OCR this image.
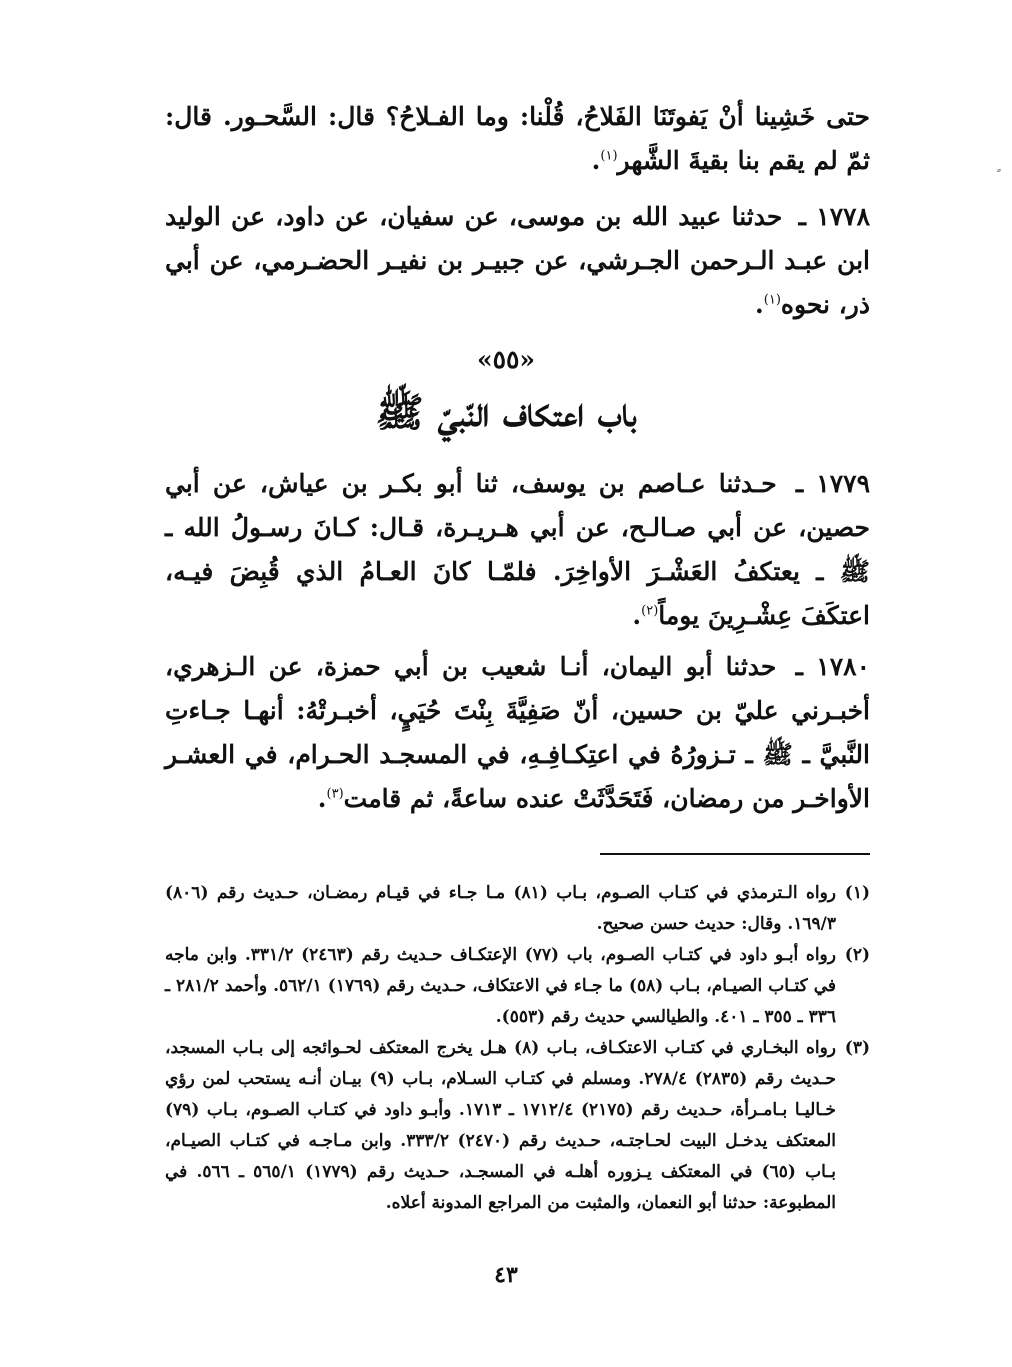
حتى خَشِينا أنْ يَفوتَنَا الفَلاحُ، قُلْنا: وما الفـلاحُ؟ قال: السَّحـور. قال: ثمّ لم يقم بنا بقيةَ الشَّهر$^{(١)}$.
١٧٧٨ ـ حدثنا عبيد الله بن موسى، عن سفيان، عن داود، عن الوليد ابن عبـد الـرحمن الجـرشي، عن جبيـر بن نفيـر الحضـرمي، عن أبي ذر، نحوه$^{(١)}$.
«٥٥»
باب اعتكاف النّبيّ ﷺ
١٧٧٩ ـ حـدثنا عـاصم بن يوسف، ثنا أبو بكـر بن عياش، عن أبي حصين، عن أبي صـالـح، عن أبي هـريـرة، قـال: كـانَ رسـولُ الله ـ ﷺ ـ يعتكفُ العَشْـرَ الأواخِرَ. فلمّـا كانَ العـامُ الذي قُبِضَ فيـه، اعتكَفَ عِشْـرِينَ يوماً$^{(٢)}$.
١٧٨٠ ـ حدثنا أبو اليمان، أنـا شعيب بن أبي حمزة، عن الـزهري، أخبـرني عليّ بن حسين، أنّ صَفِيَّةَ بِنْتَ حُيَيٍ، أخبـرتْهُ: أنهـا جـاءتِ النَّبيَّ ـ ﷺ ـ تـزورُهُ في اعتِكـافِـهِ، في المسجـد الحـرام، في العشـر الأواخـر من رمضان، فَتَحَدَّثَتْ عنده ساعةً، ثم قامت$^{(٣)}$.
(١)
رواه الـترمذي في كتـاب الصـوم، بـاب (٨١) مـا جـاء في قيـام رمضـان، حـديث رقم (٨٠٦) ١٦٩/٣. وقال: حديث حسن صحيح.
(٢)
رواه أبـو داود في كتـاب الصـوم، باب (٧٧) الإعتكـاف حـديث رقم (٢٤٦٣) ٣٣١/٢. وابن ماجه في كتـاب الصيـام، بـاب (٥٨) ما جـاء في الاعتكاف، حـديث رقم (١٧٦٩) ٥٦٢/١. وأحمد ٢٨١/٢ ـ ٣٣٦ ـ ٣٥٥ ـ ٤٠١. والطيالسي حديث رقم (٥٥٣).
(٣)
رواه البخـاري في كتـاب الاعتكـاف، بـاب (٨) هـل يخرج المعتكف لحـوائجه إلى بـاب المسجد، حـديث رقم (٢٨٣٥) ٢٧٨/٤. ومسلم في كتـاب السـلام، بـاب (٩) بيـان أنـه يستحب لمن رؤي خـاليـا بـامـرأة، حـديث رقم (٢١٧٥) ١٧١٢/٤ ـ ١٧١٣. وأبـو داود في كتـاب الصـوم، بـاب (٧٩) المعتكف يدخـل البيت لحـاجتـه، حـديث رقم (٢٤٧٠) ٣٣٣/٢. وابن مـاجـه في كتـاب الصيـام، بـاب (٦٥) في المعتكف يـزوره أهلـه في المسجـد، حـديث رقم (١٧٧٩) ٥٦٥/١ ـ ٥٦٦. في المطبوعة: حدثنا أبو النعمان، والمثبت من المراجع المدونة أعلاه.
٤٣
